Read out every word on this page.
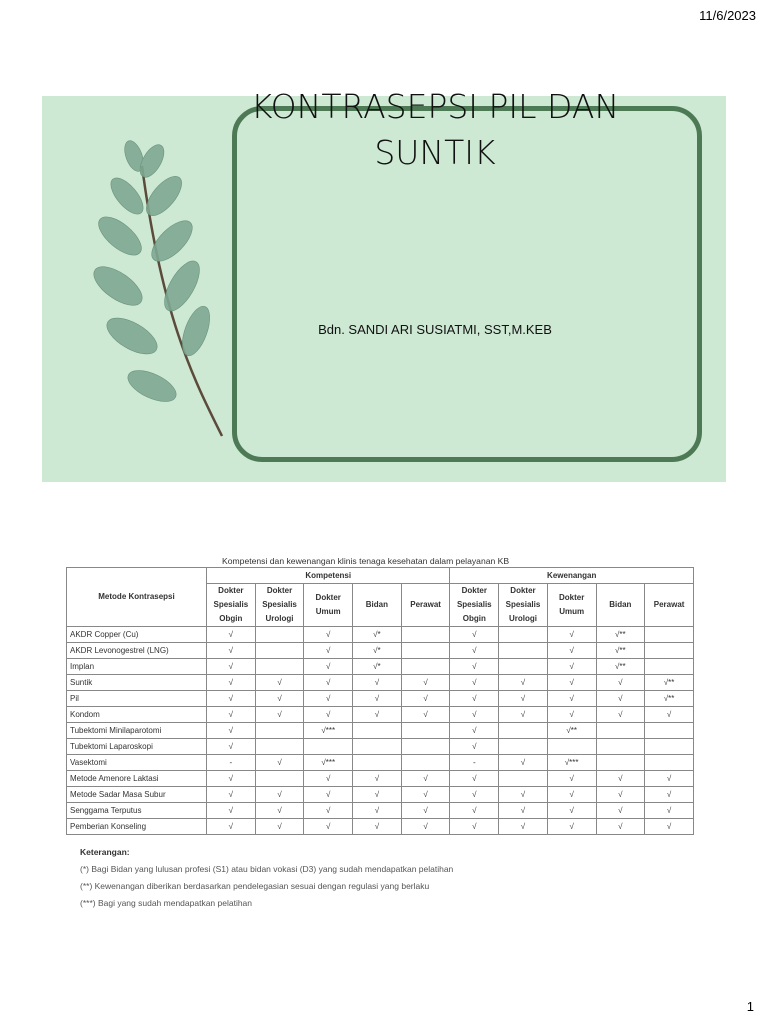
11/6/2023
KONTRASEPSI PIL DAN
SUNTIK
Bdn. SANDI ARI SUSIATMI, SST,M.KEB
Kompetensi dan kewenangan klinis tenaga kesehatan dalam pelayanan KB
Metode Kontrasepsi	Kompetensi					Kewenangan				
	Dokter Spesialis Obgin	Dokter Spesialis Urologi	Dokter Umum	Bidan	Perawat	Dokter Spesialis Obgin	Dokter Spesialis Urologi	Dokter Umum	Bidan	Perawat
AKDR Copper (Cu)	√		√	√*		√		√	√**	
AKDR Levonogestrel (LNG)	√		√	√*		√		√	√**	
Implan	√		√	√*		√		√	√**	
Suntik	√	√	√	√	√	√	√	√	√	√**
Pil	√	√	√	√	√	√	√	√	√	√**
Kondom	√	√	√	√	√	√	√	√	√	√
Tubektomi Minilaparotomi	√		√***			√		√**		
Tubektomi Laparoskopi	√					√				
Vasektomi	-	√	√***			-	√	√***		
Metode Amenore Laktasi	√		√	√	√	√		√	√	√
Metode Sadar Masa Subur	√	√	√	√	√	√	√	√	√	√
Senggama Terputus	√	√	√	√	√	√	√	√	√	√
Pemberian Konseling	√	√	√	√	√	√	√	√	√	√
Keterangan:
(*) Bagi Bidan yang lulusan profesi (S1) atau bidan vokasi (D3) yang sudah mendapatkan pelatihan
(**) Kewenangan diberikan berdasarkan pendelegasian sesuai dengan regulasi yang berlaku
(***) Bagi yang sudah mendapatkan pelatihan
1
